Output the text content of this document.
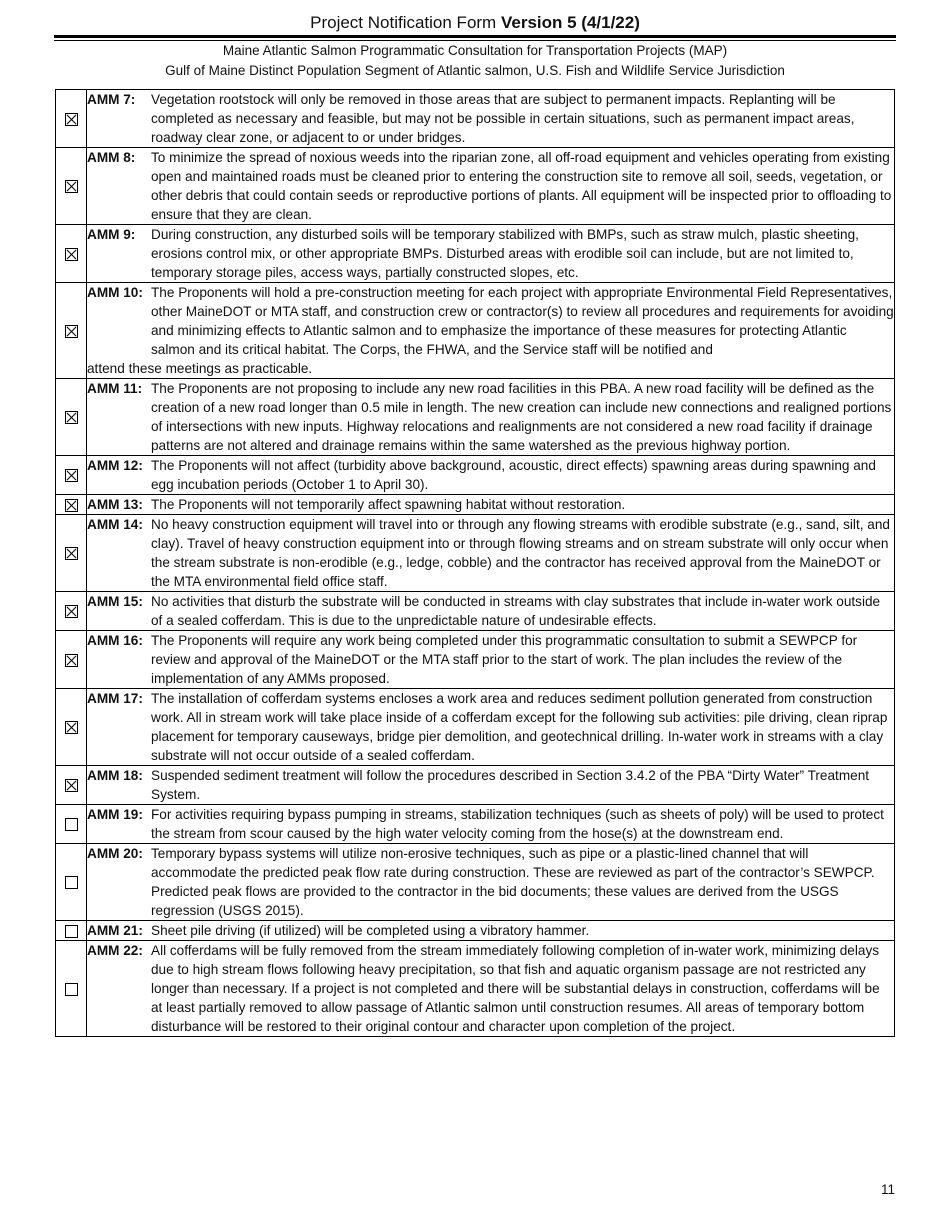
Project Notification Form Version 5 (4/1/22)
Maine Atlantic Salmon Programmatic Consultation for Transportation Projects (MAP)
Gulf of Maine Distinct Population Segment of Atlantic salmon, U.S. Fish and Wildlife Service Jurisdiction

	AMM 7: Vegetation rootstock will only be removed in those areas that are subject to permanent impacts. Replanting will be completed as necessary and feasible, but may not be possible in certain situations, such as permanent impact areas, roadway clear zone, or adjacent to or under bridges.

	AMM 8: To minimize the spread of noxious weeds into the riparian zone, all off-road equipment and vehicles operating from existing open and maintained roads must be cleaned prior to entering the construction site to remove all soil, seeds, vegetation, or other debris that could contain seeds or reproductive portions of plants. All equipment will be inspected prior to offloading to ensure that they are clean.

	AMM 9: During construction, any disturbed soils will be temporary stabilized with BMPs, such as straw mulch, plastic sheeting, erosions control mix, or other appropriate BMPs. Disturbed areas with erodible soil can include, but are not limited to, temporary storage piles, access ways, partially constructed slopes, etc.

	AMM 10: The Proponents will hold a pre-construction meeting for each project with appropriate Environmental Field Representatives, other MaineDOT or MTA staff, and construction crew or contractor(s) to review all procedures and requirements for avoiding and minimizing effects to Atlantic salmon and to emphasize the importance of these measures for protecting Atlantic salmon and its critical habitat. The Corps, the FHWA, and the Service staff will be notified and
attend these meetings as practicable.

	AMM 11: The Proponents are not proposing to include any new road facilities in this PBA. A new road facility will be defined as the creation of a new road longer than 0.5 mile in length. The new creation can include new connections and realigned portions of intersections with new inputs. Highway relocations and realignments are not considered a new road facility if drainage patterns are not altered and drainage remains within the same watershed as the previous highway portion.

	AMM 12: The Proponents will not affect (turbidity above background, acoustic, direct effects) spawning areas during spawning and egg incubation periods (October 1 to April 30).

	AMM 13: The Proponents will not temporarily affect spawning habitat without restoration.

	AMM 14: No heavy construction equipment will travel into or through any flowing streams with erodible substrate (e.g., sand, silt, and clay). Travel of heavy construction equipment into or through flowing streams and on stream substrate will only occur when the stream substrate is non-erodible (e.g., ledge, cobble) and the contractor has received approval from the MaineDOT or the MTA environmental field office staff.

	AMM 15: No activities that disturb the substrate will be conducted in streams with clay substrates that include in-water work outside of a sealed cofferdam. This is due to the unpredictable nature of undesirable effects.

	AMM 16: The Proponents will require any work being completed under this programmatic consultation to submit a SEWPCP for review and approval of the MaineDOT or the MTA staff prior to the start of work. The plan includes the review of the implementation of any AMMs proposed.

	AMM 17: The installation of cofferdam systems encloses a work area and reduces sediment pollution generated from construction work. All in stream work will take place inside of a cofferdam except for the following sub activities: pile driving, clean riprap placement for temporary causeways, bridge pier demolition, and geotechnical drilling. In-water work in streams with a clay substrate will not occur outside of a sealed cofferdam.

	AMM 18: Suspended sediment treatment will follow the procedures described in Section 3.4.2 of the PBA “Dirty Water” Treatment System.

	AMM 19: For activities requiring bypass pumping in streams, stabilization techniques (such as sheets of poly) will be used to protect the stream from scour caused by the high water velocity coming from the hose(s) at the downstream end.

	AMM 20: Temporary bypass systems will utilize non-erosive techniques, such as pipe or a plastic-lined channel that will accommodate the predicted peak flow rate during construction. These are reviewed as part of the contractor’s SEWPCP. Predicted peak flows are provided to the contractor in the bid documents; these values are derived from the USGS regression (USGS 2015).

	AMM 21: Sheet pile driving (if utilized) will be completed using a vibratory hammer.

	AMM 22: All cofferdams will be fully removed from the stream immediately following completion of in-water work, minimizing delays due to high stream flows following heavy precipitation, so that fish and aquatic organism passage are not restricted any longer than necessary. If a project is not completed and there will be substantial delays in construction, cofferdams will be at least partially removed to allow passage of Atlantic salmon until construction resumes. All areas of temporary bottom disturbance will be restored to their original contour and character upon completion of the project.
11
